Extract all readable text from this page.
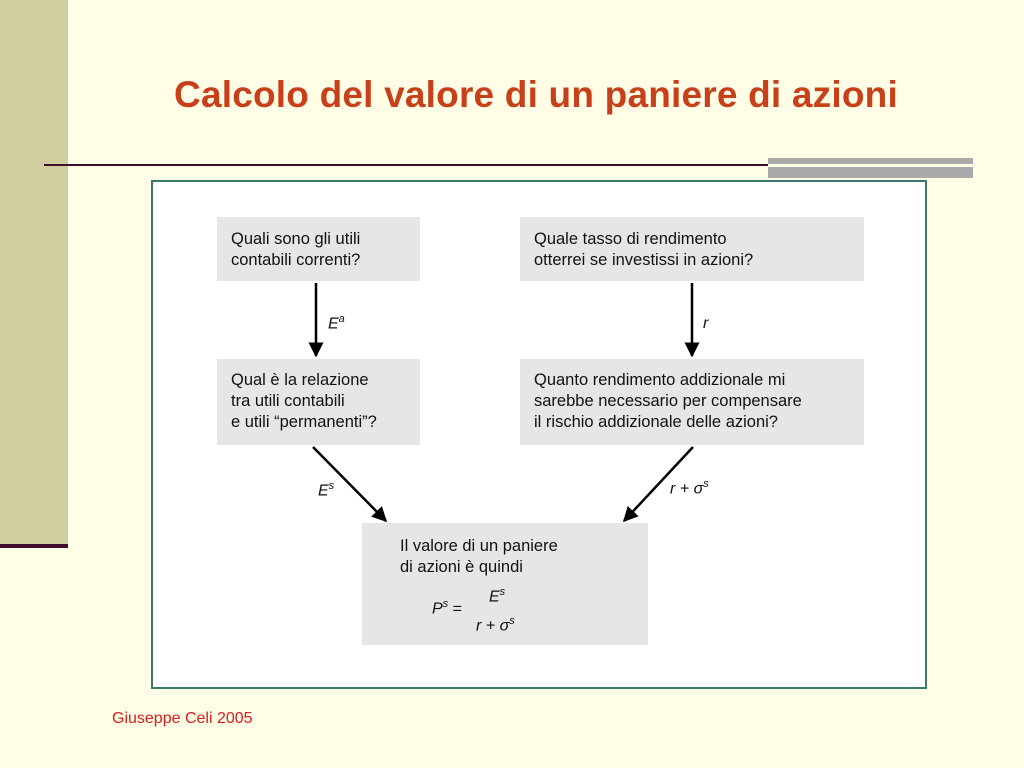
Calcolo del valore di un paniere di azioni
Quali sono gli utili
contabili correnti?
Quale tasso di rendimento
otterrei se investissi in azioni?
Qual è la relazione
tra utili contabili
e utili “permanenti”?
Quanto rendimento addizionale mi
sarebbe necessario per compensare
il rischio addizionale delle azioni?
Il valore di un paniere
di azioni è quindi
$E^a$	r
$E^s$	$r + \sigma^s$
$P^s$ =
$E^s$
$r + \sigma^s$
Giuseppe Celi 2005
